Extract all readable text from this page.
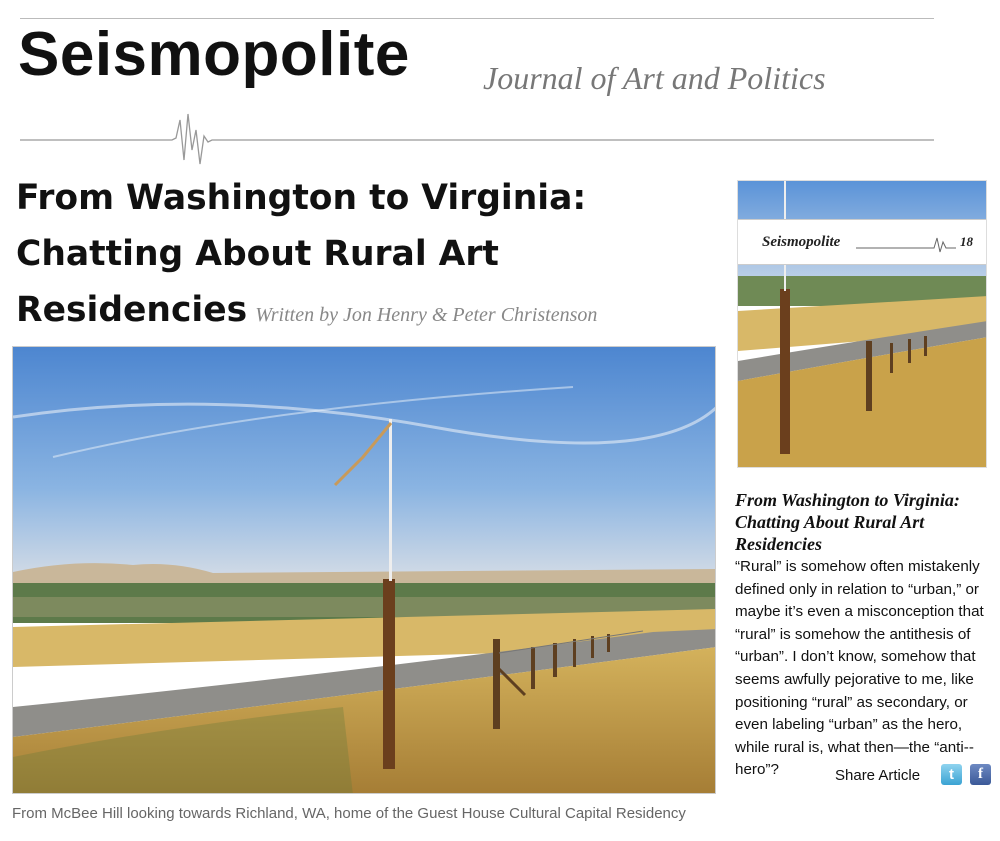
Seismopolite Journal of Art and Politics
From Washington to Virginia: Chatting About Rural Art Residencies Written by Jon Henry & Peter Christenson
From McBee Hill looking towards Richland, WA, home of the Guest House Cultural Capital Residency
Seismopolite	18
From Washington to Virginia: Chatting About Rural Art Residencies
“Rural” is somehow often mistakenly defined only in relation to “urban,” or maybe it’s even a misconception that “rural” is somehow the antithesis of “urban”. I don’t know, somehow that seems awfully pejorative to me, like positioning “rural” as secondary, or even labeling “urban” as the hero, while rural is, what then—the “anti--hero”?	Share Article	t	f
